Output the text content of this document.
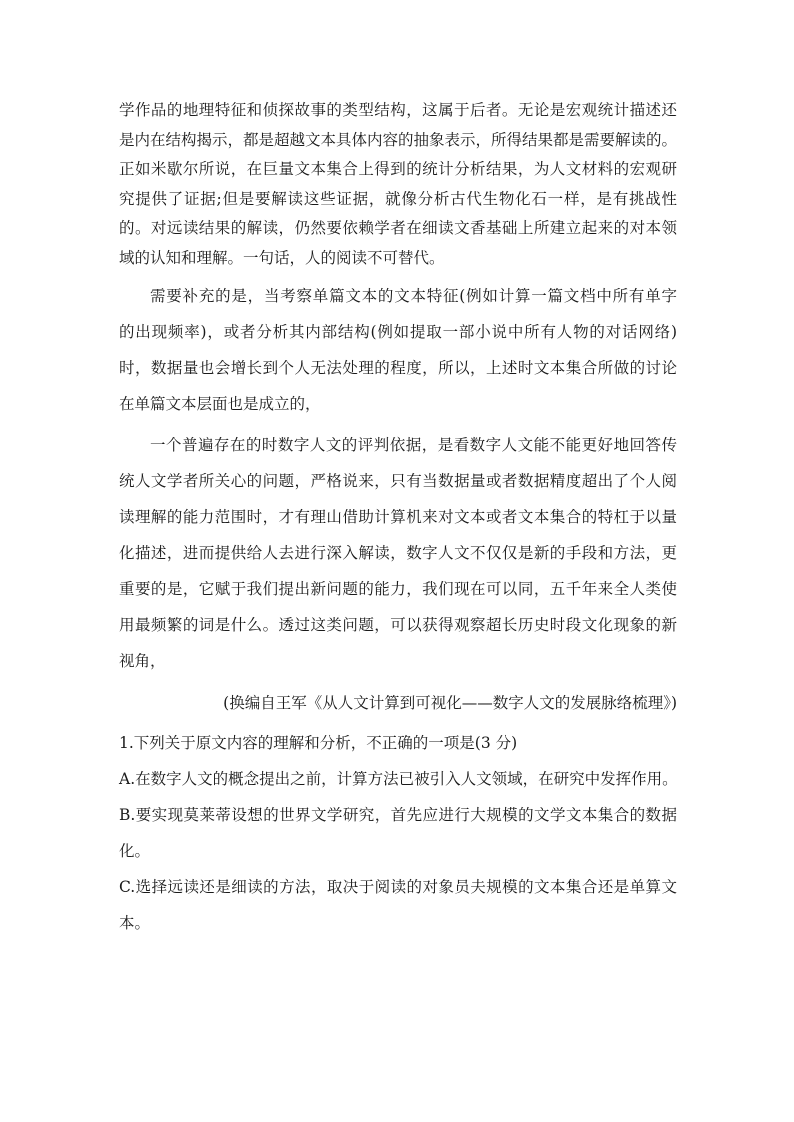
学作品的地理特征和侦探故事的类型结构，这属于后者。无论是宏观统计描述还
是内在结构揭示，都是超越文本具体内容的抽象表示，所得结果都是需要解读的。
正如米歇尔所说，在巨量文本集合上得到的统计分析结果，为人文材料的宏观研
究提供了证据;但是要解读这些证据，就像分析古代生物化石一样，是有挑战性
的。对远读结果的解读，仍然要依赖学者在细读文香基础上所建立起来的对本领
域的认知和理解。一句话，人的阅读不可替代。
需要补充的是，当考察单篇文本的文本特征(例如计算一篇文档中所有单字
的出现频率)，或者分析其内部结构(例如提取一部小说中所有人物的对话网络)
时，数据量也会增长到个人无法处理的程度，所以，上述时文本集合所做的讨论
在单篇文本层面也是成立的，
一个普遍存在的时数字人文的评判依据，是看数字人文能不能更好地回答传
统人文学者所关心的问题，严格说来，只有当数据量或者数据精度超出了个人阅
读理解的能力范围时，才有理山借助计算机来对文本或者文本集合的特杠于以量
化描述，进而提供给人去进行深入解读，数字人文不仅仅是新的手段和方法，更
重要的是，它赋于我们提出新问题的能力，我们现在可以同，五千年来全人类使
用最频繁的词是什么。透过这类问题，可以获得观察超长历史时段文化现象的新
视角，
(换编自王军《从人文计算到可视化——数字人文的发展脉络梳理》)
1.下列关于原文内容的理解和分析，不正确的一项是(3 分)
A.在数字人文的概念提出之前，计算方法已被引入人文领域，在研究中发挥作用。
B.要实现莫莱蒂设想的世界文学研究，首先应进行大规模的文学文本集合的数据
化。
C.选择远读还是细读的方法，取决于阅读的对象员夫规模的文本集合还是单算文
本。
